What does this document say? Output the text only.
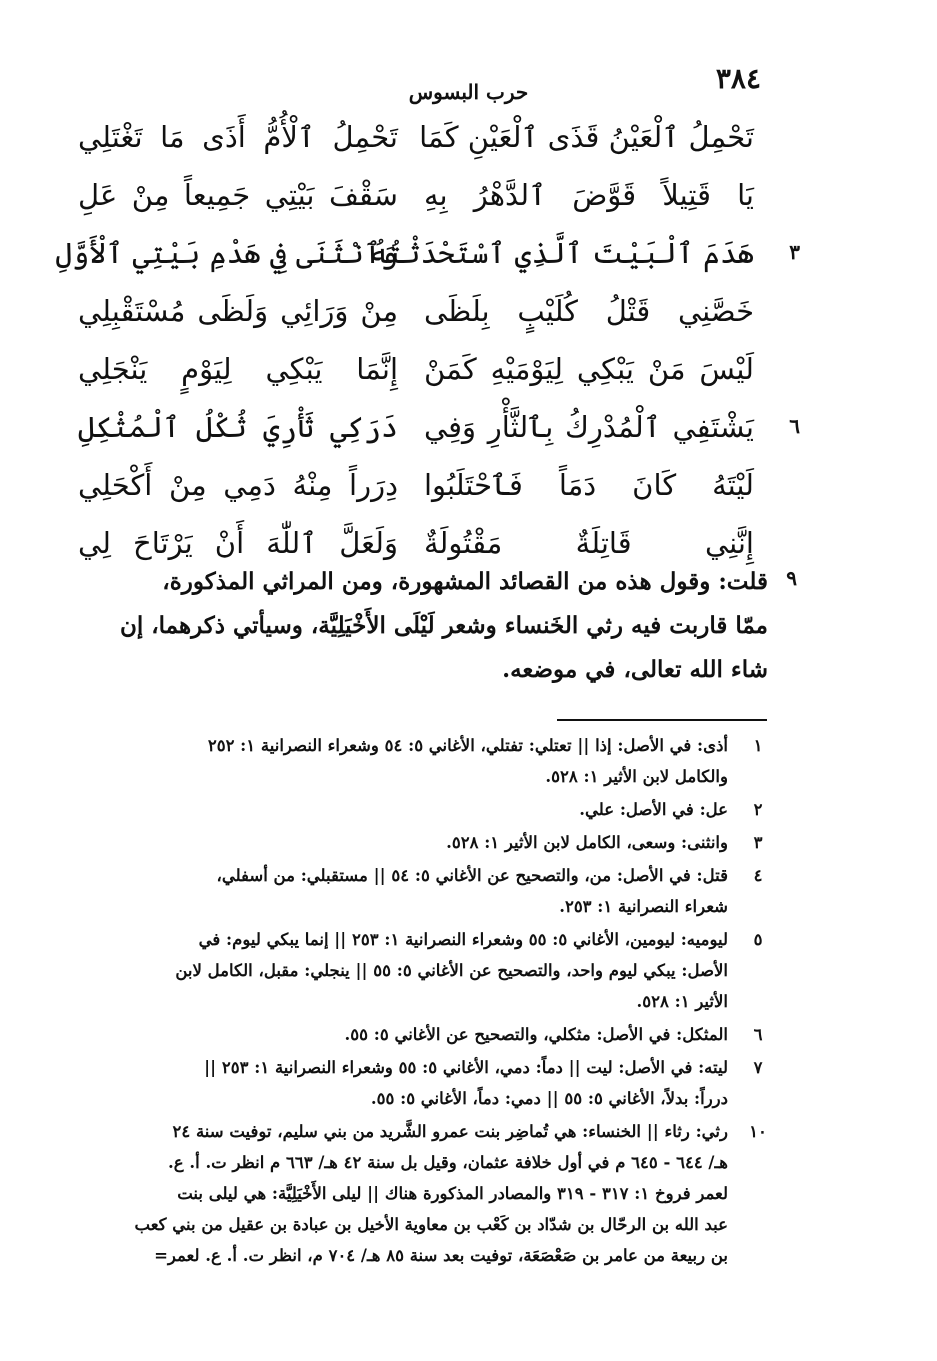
٣٨٤
حرب البسوس
تَحْمِلُ ٱلْعَيْنُ قَذَى ٱلْعَيْنِ كَمَا
تَحْمِلُ ٱلْأُمُّ أَذَى مَا تَغْتَلِي
يَا قَتِيلاً قَوَّضَ ٱلدَّهْرُ بِهِ
سَقْفَ بَيْتِي جَمِيعاً مِنْ عَلِ
٣
هَدَمَ ٱلْبَيْتَ ٱلَّذِي ٱسْتَحْدَثْتُهُ
وَٱنْثَنَى فِي هَدْمِ بَيْتِي ٱلْأَوَّلِ
خَصَّنِي قَتْلُ كُلَيْبٍ بِلَظَى
مِنْ وَرَائِي وَلَظَى مُسْتَقْبِلِي
لَيْسَ مَنْ يَبْكِي لِيَوْمَيْهِ كَمَنْ
إِنَّمَا يَبْكِي لِيَوْمٍ يَنْجَلِي
٦
يَشْتَفِي ٱلْمُدْرِكُ بِٱلثَّأْرِ وَفِي
دَرَكِي ثَأْرِيَ ثُكْلُ ٱلْمُثْكِلِ
لَيْتَهُ كَانَ دَمَاً فَٱحْتَلَبُوا
دِرَراً مِنْهُ دَمِي مِنْ أَكْحَلِي
إِنَّنِي قَاتِلَةٌ مَقْتُولَةٌ
وَلَعَلَّ ٱللّٰهَ أَنْ يَرْتَاحَ لِي
٩
قلت: وقول هذه من القصائد المشهورة، ومن المراثي المذكورة،
ممّا قاربت فيه رثي الخَنساء وشعر لَيْلَى الأَخْيَلِيَّة، وسيأتي ذكرهما، إن
شاء الله تعالى، في موضعه.
١
أذى: في الأصل: إذا || تعتلي: تفتلي، الأغاني ٥: ٥٤ وشعراء النصرانية ١: ٢٥٢
والكامل لابن الأثير ١: ٥٢٨.
٢
عل: في الأصل: علي.
٣
وانثنى: وسعى، الكامل لابن الأثير ١: ٥٢٨.
٤
قتل: في الأصل: من، والتصحيح عن الأغاني ٥: ٥٤ || مستقبلي: من أسفلي،
شعراء النصرانية ١: ٢٥٣.
٥
ليوميه: ليومين، الأغاني ٥: ٥٥ وشعراء النصرانية ١: ٢٥٣ || إنما يبكي ليوم: في
الأصل: يبكي ليوم واحد، والتصحيح عن الأغاني ٥: ٥٥ || ينجلي: مقبل، الكامل لابن
الأثير ١: ٥٢٨.
٦
المثكل: في الأصل: مثكلي، والتصحيح عن الأغاني ٥: ٥٥.
٧
ليته: في الأصل: ليت || دماً: دمي، الأغاني ٥: ٥٥ وشعراء النصرانية ١: ٢٥٣ ||
درراً: بدلاً، الأغاني ٥: ٥٥ || دمي: دماً، الأغاني ٥: ٥٥.
١٠
رثي: رثاء || الخنساء: هي تُماضِر بنت عمرو الشَّريد من بني سليم، توفيت سنة ٢٤
هـ/ ٦٤٤ - ٦٤٥ م في أول خلافة عثمان، وقيل بل سنة ٤٢ هـ/ ٦٦٣ م انظر ت. أ. ع.
لعمر فروخ ١: ٣١٧ - ٣١٩ والمصادر المذكورة هناك || ليلى الأَخْيَلِيَّة: هي ليلى بنت
عبد الله بن الرحّال بن شدّاد بن كَعْب بن معاوية الأخيل بن عبادة بن عقيل من بني كعب
بن ربيعة من عامر بن صَعْصَعَة، توفيت بعد سنة ٨٥ هـ/ ٧٠٤ م، انظر ت. أ. ع. لعمر=
